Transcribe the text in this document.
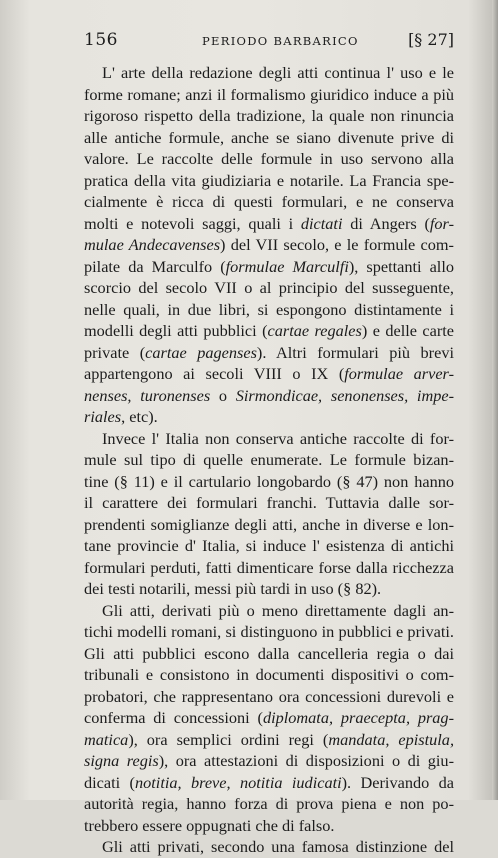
156	PERIODO BARBARICO	[§ 27]
L' arte della redazione degli atti continua l' uso e le
forme romane; anzi il formalismo giuridico induce a più
rigoroso rispetto della tradizione, la quale non rinuncia
alle antiche formule, anche se siano divenute prive di
valore. Le raccolte delle formule in uso servono alla
pratica della vita giudiziaria e notarile. La Francia spe-
cialmente è ricca di questi formulari, e ne conserva
molti e notevoli saggi, quali i dictati di Angers (for-
mulae Andecavenses) del VII secolo, e le formule com-
pilate da Marculfo (formulae Marculfi), spettanti allo
scorcio del secolo VII o al principio del susseguente,
nelle quali, in due libri, si espongono distintamente i
modelli degli atti pubblici (cartae regales) e delle carte
private (cartae pagenses). Altri formulari più brevi
appartengono ai secoli VIII o IX (formulae arver-
nenses, turonenses o Sirmondicae, senonenses, impe-
riales, etc).
Invece l' Italia non conserva antiche raccolte di for-
mule sul tipo di quelle enumerate. Le formule bizan-
tine (§ 11) e il cartulario longobardo (§ 47) non hanno
il carattere dei formulari franchi. Tuttavia dalle sor-
prendenti somiglianze degli atti, anche in diverse e lon-
tane provincie d' Italia, si induce l' esistenza di antichi
formulari perduti, fatti dimenticare forse dalla ricchezza
dei testi notarili, messi più tardi in uso (§ 82).
Gli atti, derivati più o meno direttamente dagli an-
tichi modelli romani, si distinguono in pubblici e privati.
Gli atti pubblici escono dalla cancelleria regia o dai
tribunali e consistono in documenti dispositivi o com-
probatori, che rappresentano ora concessioni durevoli e
conferma di concessioni (diplomata, praecepta, prag-
matica), ora semplici ordini regi (mandata, epistula,
signa regis), ora attestazioni di disposizioni o di giu-
dicati (notitia, breve, notitia iudicati). Derivando da
autorità regia, hanno forza di prova piena e non po-
trebbero essere oppugnati che di falso.
Gli atti privati, secondo una famosa distinzione del
